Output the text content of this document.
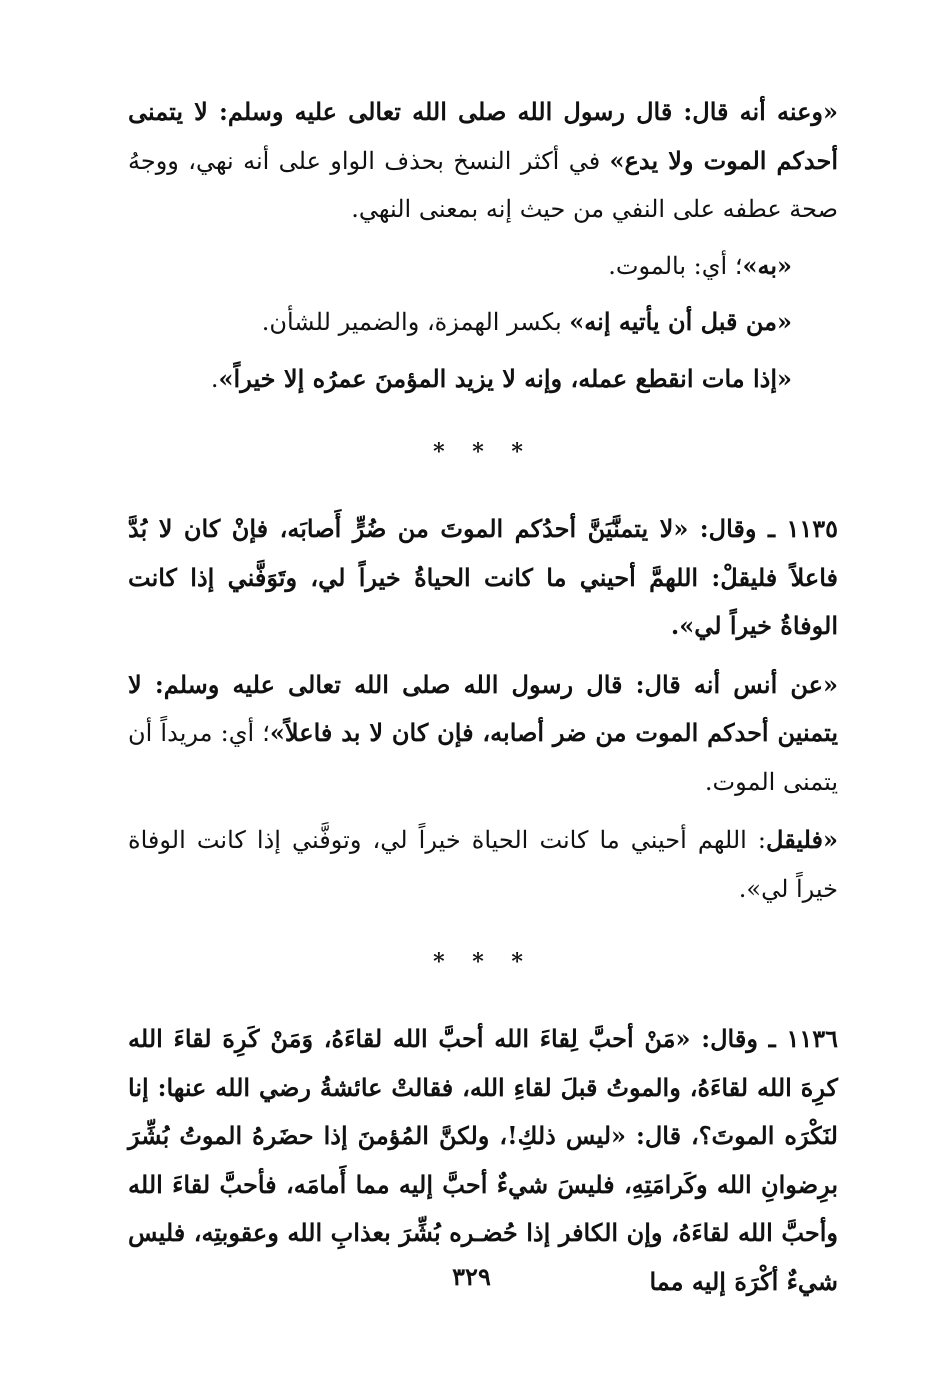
«وعنه أنه قال: قال رسول الله صلى الله تعالى عليه وسلم: لا يتمنى أحدكم الموت ولا يدع» في أكثر النسخ بحذف الواو على أنه نهي، ووجهُ صحة عطفه على النفي من حيث إنه بمعنى النهي.

«به»؛ أي: بالموت.

«من قبل أن يأتيه إنه» بكسر الهمزة، والضمير للشأن.

«إذا مات انقطع عمله، وإنه لا يزيد المؤمنَ عمرُه إلا خيراً».

* * *

١١٣٥ ـ وقال: «لا يتمنَّيَنَّ أحدُكم الموتَ من ضُرٍّ أَصابَه، فإنْ كان لا بُدَّ فاعلاً فليقلْ: اللهمَّ أحيني ما كانت الحياةُ خيراً لي، وتَوَفَّني إذا كانت الوفاةُ خيراً لي».

«عن أنس أنه قال: قال رسول الله صلى الله تعالى عليه وسلم: لا يتمنين أحدكم الموت من ضر أصابه، فإن كان لا بد فاعلاً»؛ أي: مريداً أن يتمنى الموت.

«فليقل: اللهم أحيني ما كانت الحياة خيراً لي، وتوفَّني إذا كانت الوفاة خيراً لي».

* * *

١١٣٦ ـ وقال: «مَنْ أحبَّ لِقاءَ الله أحبَّ الله لقاءَهُ، وَمَنْ كَرِهَ لقاءَ الله كرِهَ الله لقاءَهُ، والموتُ قبلَ لقاءِ الله، فقالتْ عائشةُ رضي الله عنها: إنا لنَكْرَه الموتَ؟، قال: «ليس ذلكِ!، ولكنَّ المُؤمنَ إذا حضَرهُ الموتُ بُشِّرَ برِضوانِ الله وكَرامَتِهِ، فليسَ شيءٌ أحبَّ إليه مما أَمامَه، فأحبَّ لقاءَ الله وأحبَّ الله لقاءَهُ، وإن الكافر إذا حُضـره بُشِّرَ بعذابِ الله وعقوبتِه، فليس شيءٌ أكْرَهَ إليه مما

٣٢٩
